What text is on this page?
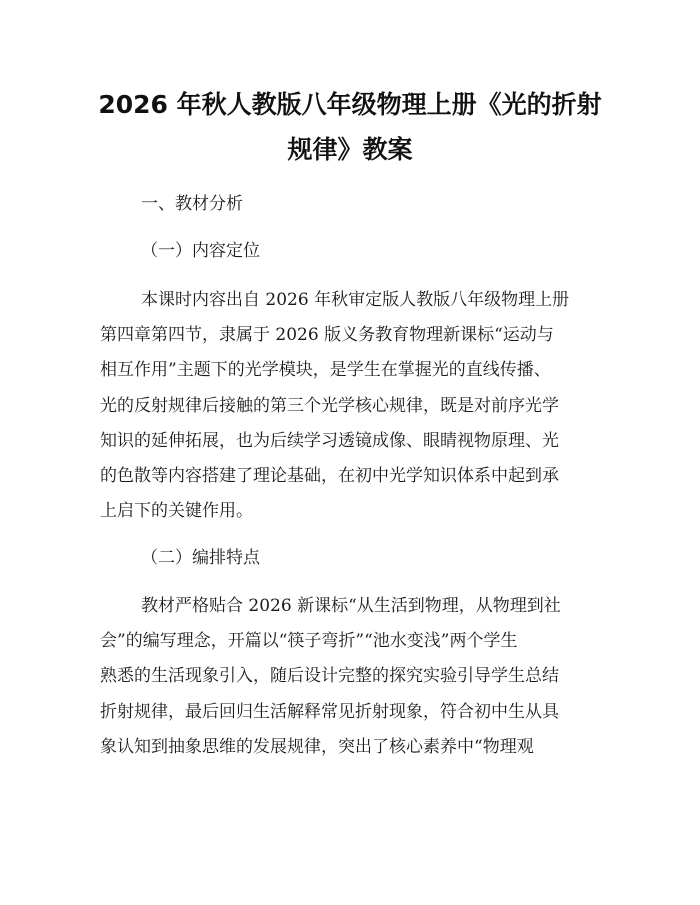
2026 年秋人教版八年级物理上册《光的折射
规律》教案
一、教材分析
（一）内容定位
本课时内容出自 2026 年秋审定版人教版八年级物理上册
第四章第四节，隶属于 2026 版义务教育物理新课标“运动与
相互作用”主题下的光学模块，是学生在掌握光的直线传播、
光的反射规律后接触的第三个光学核心规律，既是对前序光学
知识的延伸拓展，也为后续学习透镜成像、眼睛视物原理、光
的色散等内容搭建了理论基础，在初中光学知识体系中起到承
上启下的关键作用。
（二）编排特点
教材严格贴合 2026 新课标“从生活到物理，从物理到社
会”的编写理念，开篇以“筷子弯折”“池水变浅”两个学生
熟悉的生活现象引入，随后设计完整的探究实验引导学生总结
折射规律，最后回归生活解释常见折射现象，符合初中生从具
象认知到抽象思维的发展规律，突出了核心素养中“物理观
